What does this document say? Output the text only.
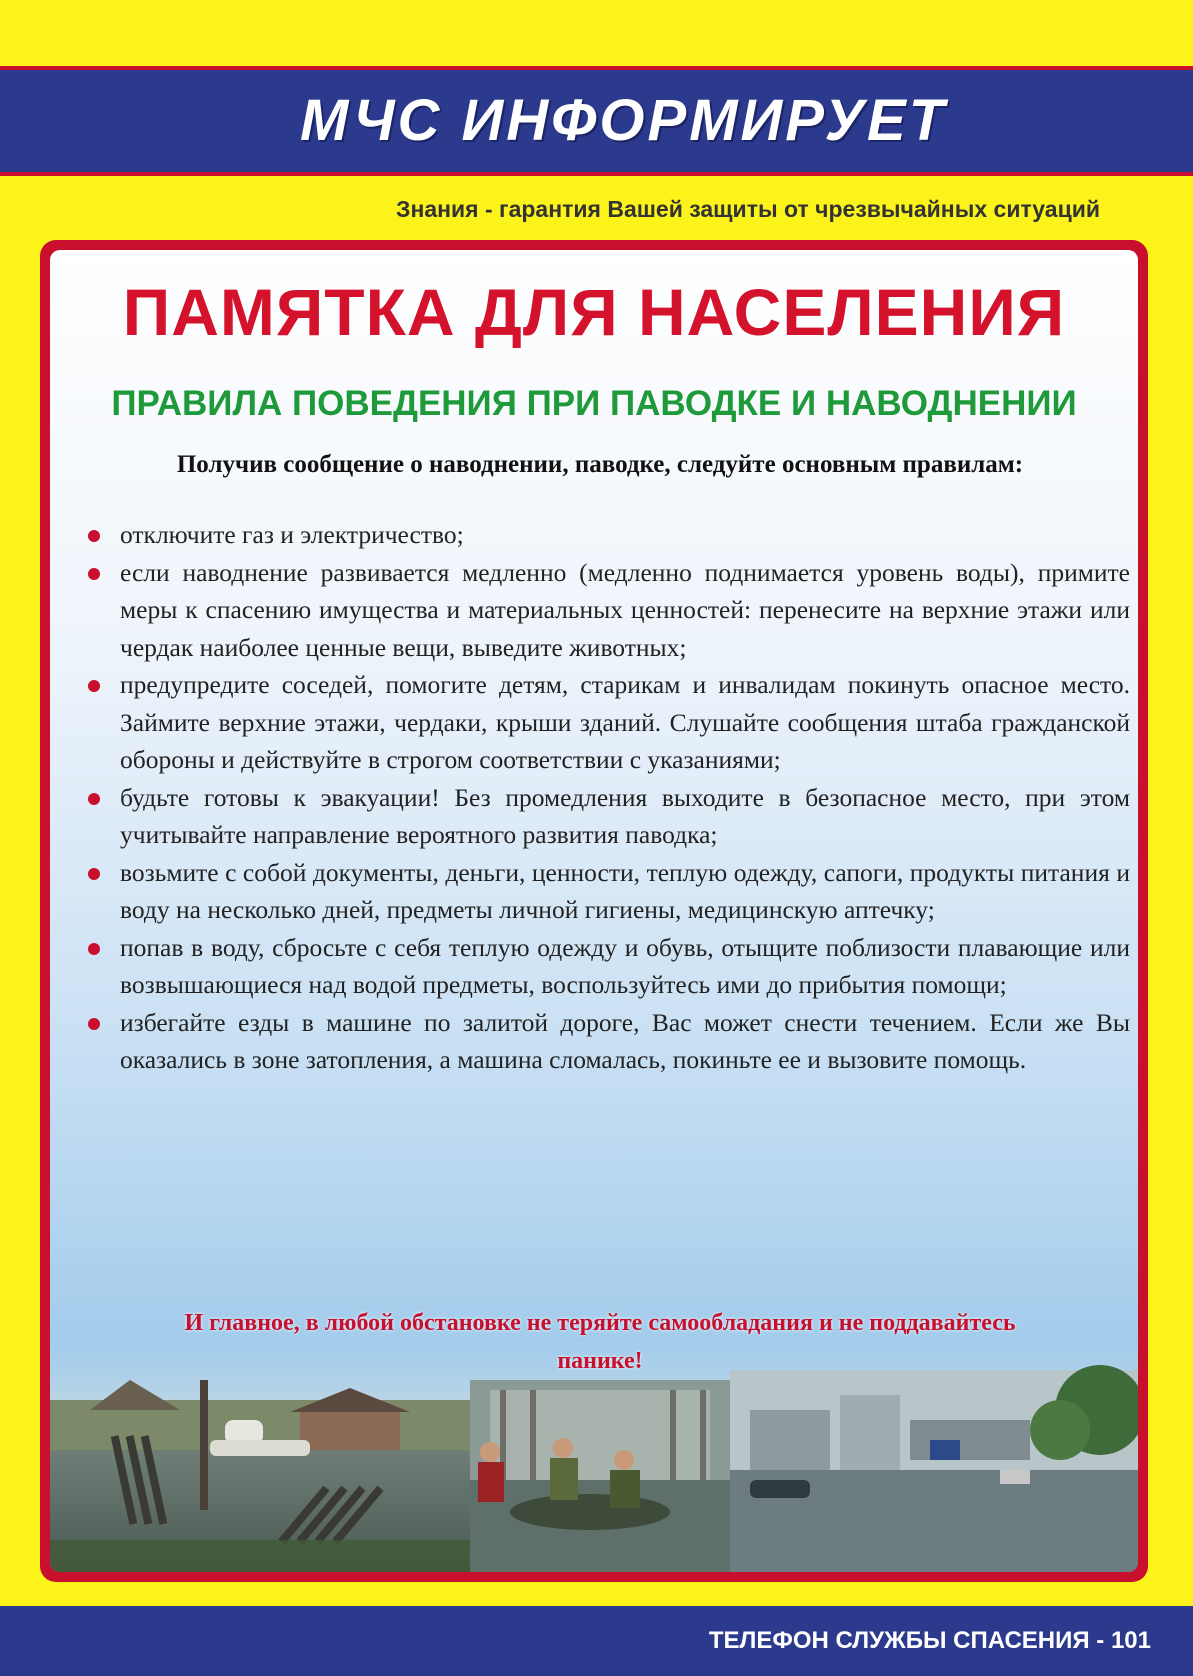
МЧС ИНФОРМИРУЕТ
Знания - гарантия Вашей защиты от чрезвычайных ситуаций
ПАМЯТКА ДЛЯ НАСЕЛЕНИЯ
ПРАВИЛА ПОВЕДЕНИЯ ПРИ ПАВОДКЕ И НАВОДНЕНИИ
Получив сообщение о наводнении, паводке, следуйте основным правилам:
отключите газ и электричество;
если наводнение развивается медленно (медленно поднимается уровень воды), примите меры к спасению имущества и материальных ценностей: перенесите на верхние этажи или чердак наиболее ценные вещи, выведите животных;
предупредите соседей, помогите детям, старикам и инвалидам покинуть опасное место. Займите верхние этажи, чердаки, крыши зданий. Слушайте сообщения штаба гражданской обороны и действуйте в строгом соответствии с указаниями;
будьте готовы к эвакуации! Без промедления выходите в безопасное место, при этом учитывайте направление вероятного развития паводка;
возьмите с собой документы, деньги, ценности, теплую одежду, сапоги, продукты питания и воду на несколько дней, предметы личной гигиены, медицинскую аптечку;
попав в воду, сбросьте с себя теплую одежду и обувь, отыщите поблизости плавающие или возвышающиеся над водой предметы, воспользуйтесь ими до прибытия помощи;
избегайте езды в машине по залитой дороге, Вас может снести течением. Если же Вы оказались в зоне затопления, а машина сломалась, покиньте ее и вызовите помощь.
И главное, в любой обстановке не теряйте самообладания и не поддавайтесь панике!
ТЕЛЕФОН СЛУЖБЫ СПАСЕНИЯ - 101
